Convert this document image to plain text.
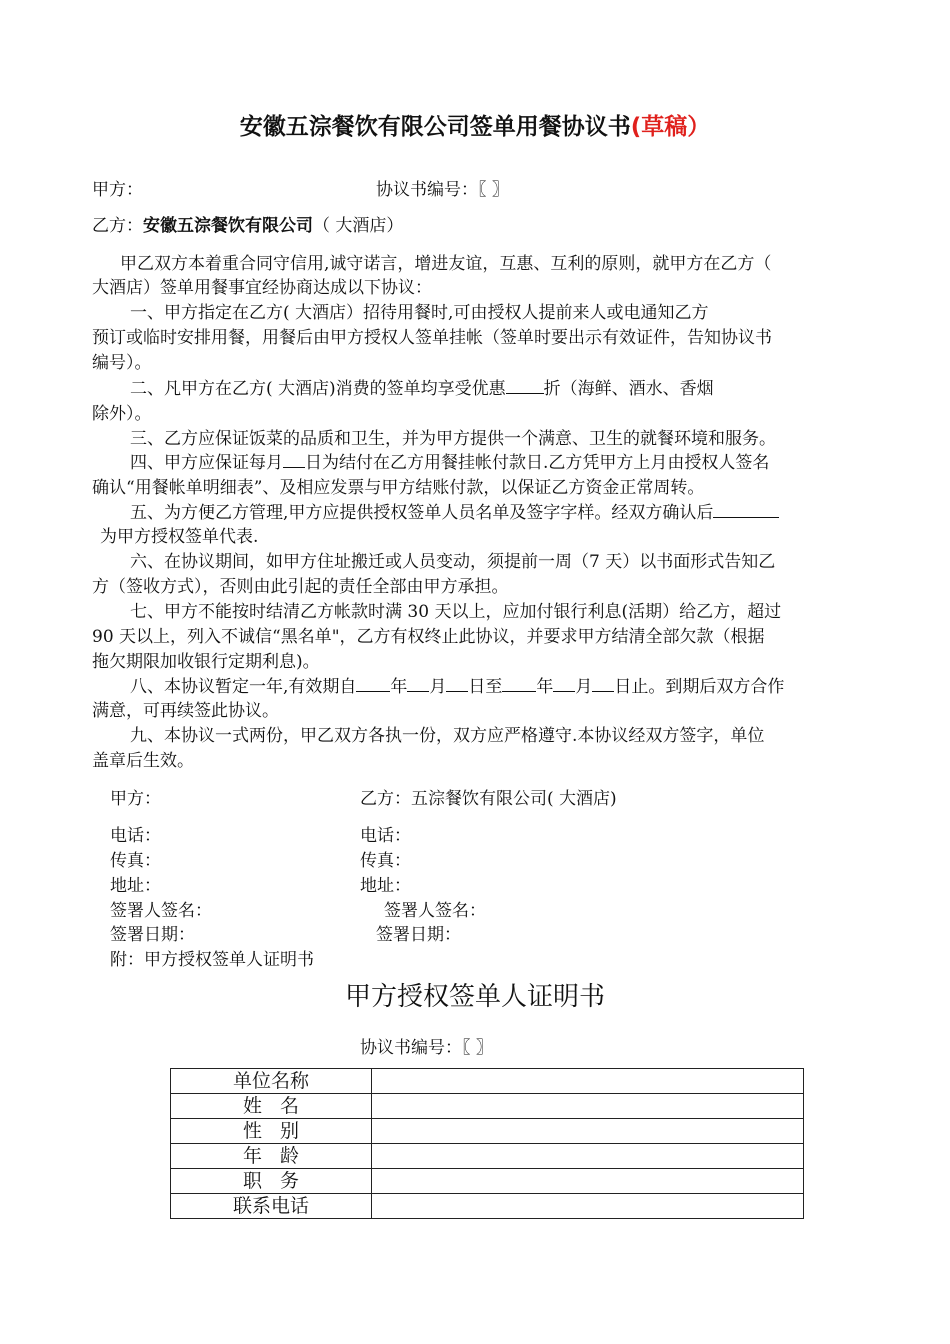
安徽五淙餐饮有限公司签单用餐协议书(草稿）
甲方：	协议书编号：〖 〗
乙方：安徽五淙餐饮有限公司（ 大酒店）
甲乙双方本着重合同守信用,诚守诺言，增进友谊，互惠、互利的原则，就甲方在乙方（
大酒店）签单用餐事宜经协商达成以下协议：
一、甲方指定在乙方( 大酒店）招待用餐时,可由授权人提前来人或电通知乙方
预订或临时安排用餐，用餐后由甲方授权人签单挂帐（签单时要出示有效证件，告知协议书
编号）。
二、凡甲方在乙方( 大酒店)消费的签单均享受优惠 折（海鲜、酒水、香烟
除外）。
三、乙方应保证饭菜的品质和卫生，并为甲方提供一个满意、卫生的就餐环境和服务。
四、甲方应保证每月 日为结付在乙方用餐挂帐付款日.乙方凭甲方上月由授权人签名
确认“用餐帐单明细表”、及相应发票与甲方结账付款，以保证乙方资金正常周转。
五、为方便乙方管理,甲方应提供授权签单人员名单及签字字样。经双方确认后
为甲方授权签单代表.
六、在协议期间，如甲方住址搬迁或人员变动，须提前一周（7 天）以书面形式告知乙
方（签收方式），否则由此引起的责任全部由甲方承担。
七、甲方不能按时结清乙方帐款时满 30 天以上，应加付银行利息(活期）给乙方，超过
90 天以上，列入不诚信“黑名单"，乙方有权终止此协议，并要求甲方结清全部欠款（根据
拖欠期限加收银行定期利息)。
八、本协议暂定一年,有效期自 年 月 日至 年 月 日止。到期后双方合作
满意，可再续签此协议。
九、本协议一式两份，甲乙双方各执一份，双方应严格遵守.本协议经双方签字，单位
盖章后生效。
甲方：	乙方：五淙餐饮有限公司( 大酒店)
电话：	电话：
传真：	传真：
地址：	地址：
签署人签名：	签署人签名：
签署日期：	签署日期：
附：甲方授权签单人证明书
甲方授权签单人证明书
协议书编号：〖 〗
单位名称	
姓   名	
性   别	
年   龄	
职   务	
联系电话	
